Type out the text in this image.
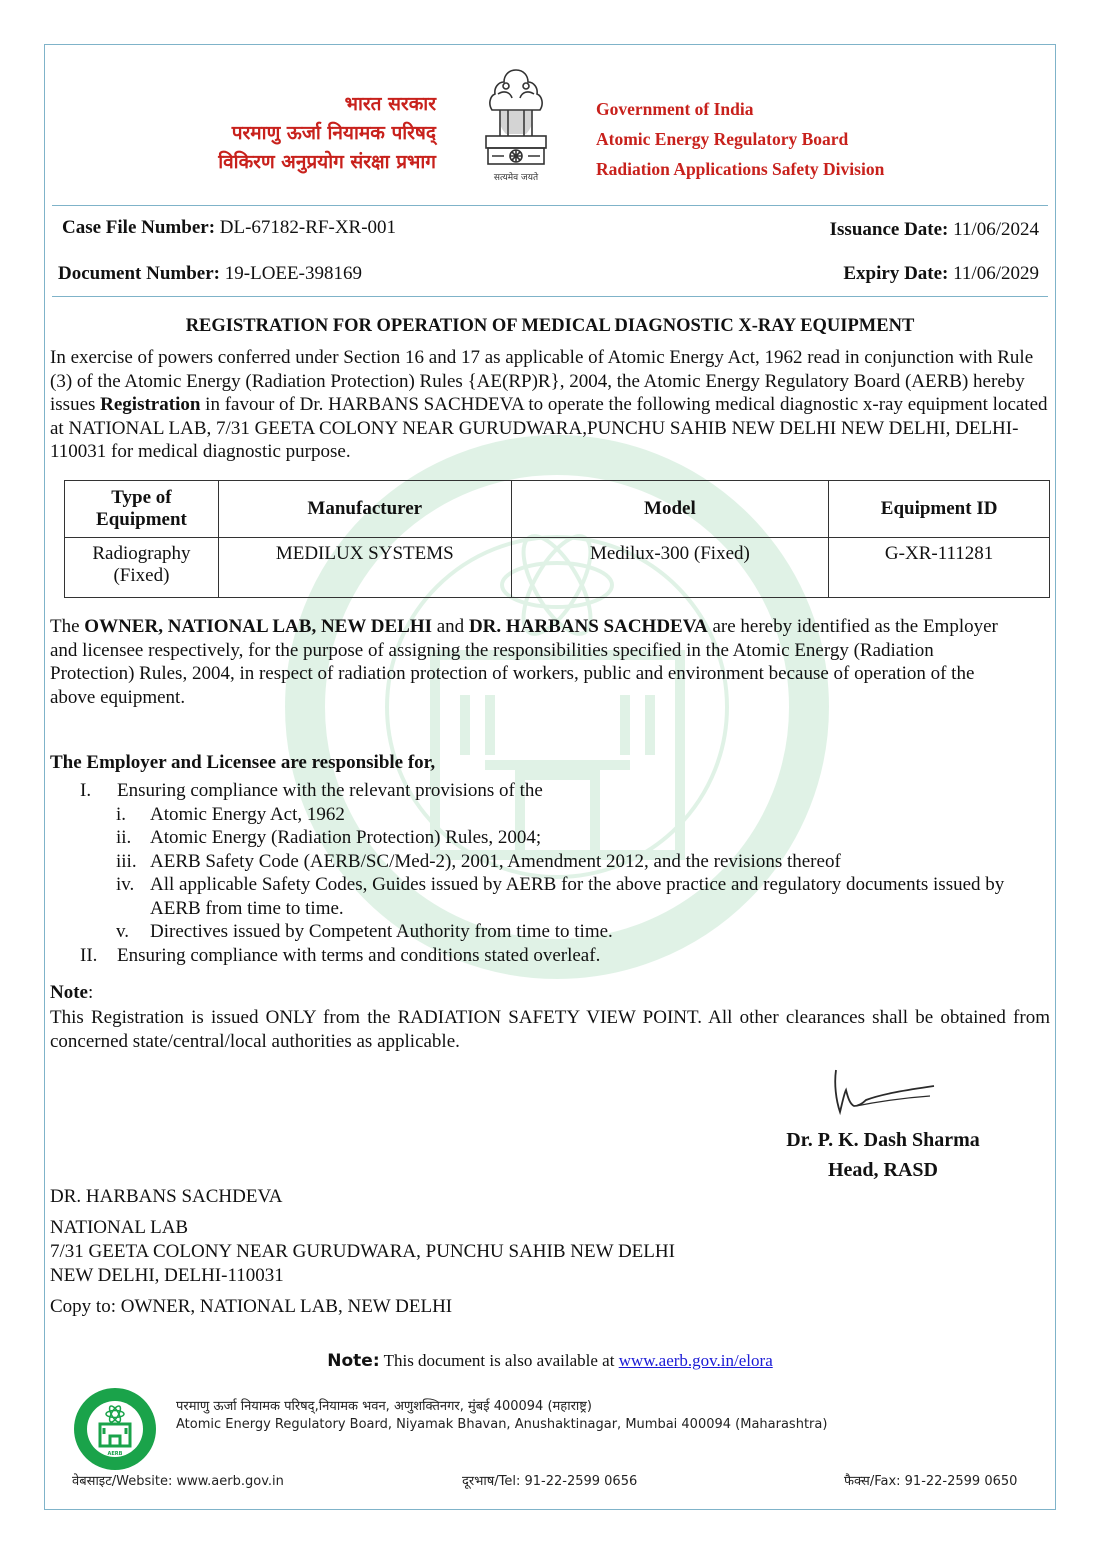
भारत सरकार
परमाणु ऊर्जा नियामक परिषद्
विकिरण अनुप्रयोग संरक्षा प्रभाग
सत्यमेव जयते
Government of India
Atomic Energy Regulatory Board
Radiation Applications Safety Division
Case File Number: DL-67182-RF-XR-001	Issuance Date: 11/06/2024
Document Number: 19-LOEE-398169	Expiry Date: 11/06/2029
REGISTRATION FOR OPERATION OF MEDICAL DIAGNOSTIC X-RAY EQUIPMENT
In exercise of powers conferred under Section 16 and 17 as applicable of Atomic Energy Act, 1962 read in conjunction with Rule (3) of the Atomic Energy (Radiation Protection) Rules {AE(RP)R}, 2004, the Atomic Energy Regulatory Board (AERB) hereby issues Registration in favour of Dr. HARBANS SACHDEVA to operate the following medical diagnostic x-ray equipment located at NATIONAL LAB, 7/31 GEETA COLONY NEAR GURUDWARA,PUNCHU SAHIB NEW DELHI NEW DELHI, DELHI-110031 for medical diagnostic purpose.
Type of Equipment	Manufacturer	Model	Equipment ID
Radiography (Fixed)	MEDILUX SYSTEMS	Medilux-300 (Fixed)	G-XR-111281
The OWNER, NATIONAL LAB, NEW DELHI and DR. HARBANS SACHDEVA are hereby identified as the Employer and licensee respectively, for the purpose of assigning the responsibilities specified in the Atomic Energy (Radiation Protection) Rules, 2004, in respect of radiation protection of workers, public and environment because of operation of the above equipment.
The Employer and Licensee are responsible for,
I.	Ensuring compliance with the relevant provisions of the
i.	Atomic Energy Act, 1962
ii. Atomic Energy (Radiation Protection) Rules, 2004;
iii. AERB Safety Code (AERB/SC/Med-2), 2001, Amendment 2012, and the revisions thereof
iv. All applicable Safety Codes, Guides issued by AERB for the above practice and regulatory documents issued by AERB from time to time.
v.	Directives issued by Competent Authority from time to time.
II.	Ensuring compliance with terms and conditions stated overleaf.
Note:
This Registration is issued ONLY from the RADIATION SAFETY VIEW POINT. All other clearances shall be obtained from concerned state/central/local authorities as applicable.
Dr. P. K. Dash Sharma
Head, RASD
DR. HARBANS SACHDEVA
NATIONAL LAB
7/31 GEETA COLONY NEAR GURUDWARA, PUNCHU SAHIB NEW DELHI
NEW DELHI, DELHI-110031
Copy to: OWNER, NATIONAL LAB, NEW DELHI
Note: This document is also available at www.aerb.gov.in/elora
AERB
परमाणु ऊर्जा नियामक परिषद्,नियामक भवन, अणुशक्तिनगर, मुंबई 400094 (महाराष्ट्र)
Atomic Energy Regulatory Board, Niyamak Bhavan, Anushaktinagar, Mumbai 400094 (Maharashtra)
वेबसाइट/Website: www.aerb.gov.in	दूरभाष/Tel: 91-22-2599 0656	फैक्स/Fax: 91-22-2599 0650
